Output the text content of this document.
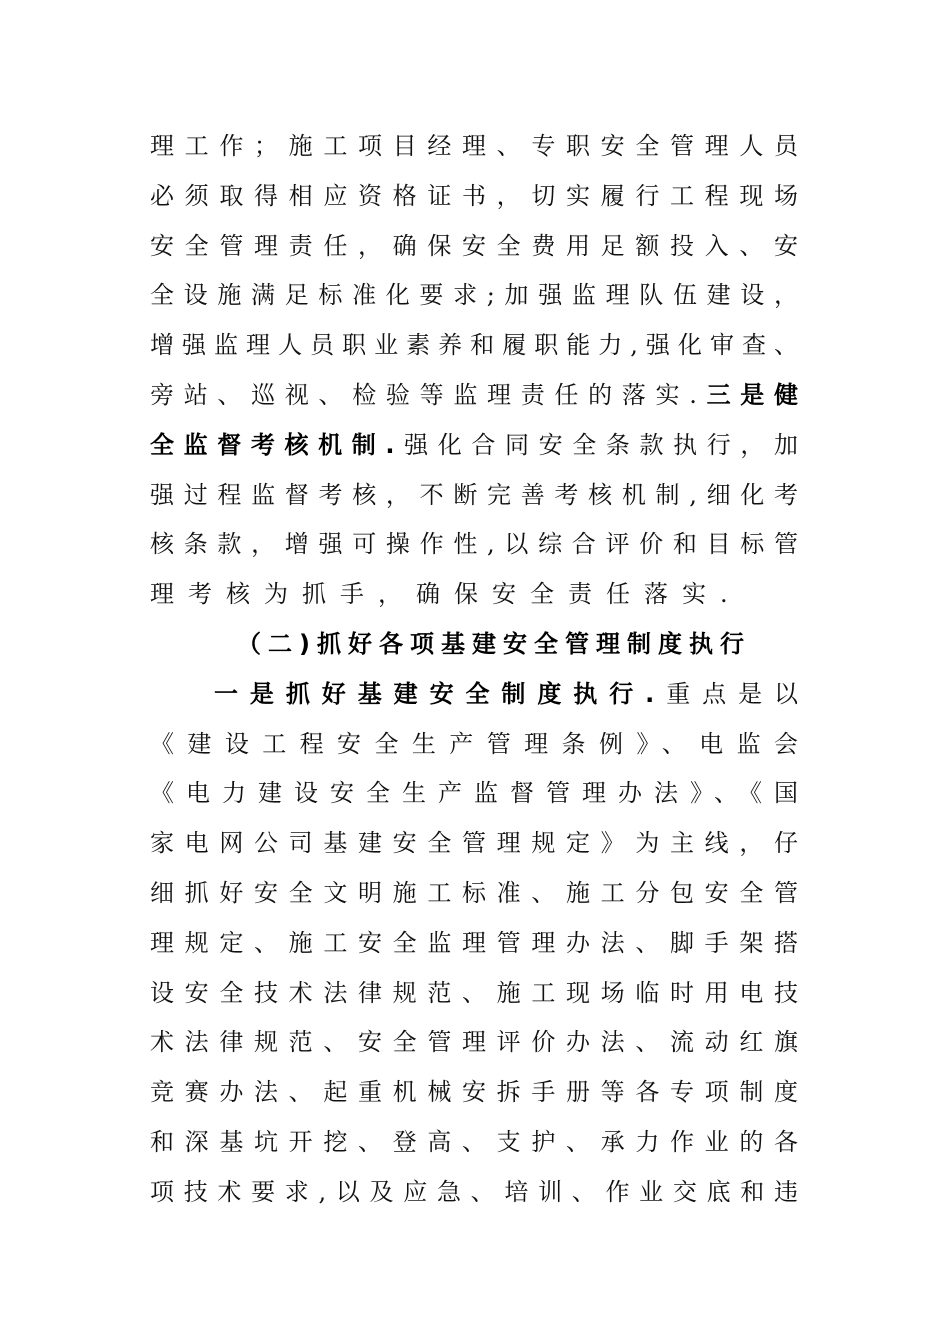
理工作；施工项目经理、专职安全管理人员
必须取得相应资格证书，切实履行工程现场
安全管理责任，确保安全费用足额投入、安
全设施满足标准化要求;加强监理队伍建设，
增强监理人员职业素养和履职能力,强化审查、
旁站、巡视、检验等监理责任的落实.三是健
全监督考核机制.强化合同安全条款执行，加
强过程监督考核，不断完善考核机制,细化考
核条款，增强可操作性,以综合评价和目标管
理考核为抓手，确保安全责任落实.
（二)抓好各项基建安全管理制度执行
一是抓好基建安全制度执行.重点是以
《建设工程安全生产管理条例》、电监会
《电力建设安全生产监督管理办法》、《国
家电网公司基建安全管理规定》为主线，仔
细抓好安全文明施工标准、施工分包安全管
理规定、施工安全监理管理办法、脚手架搭
设安全技术法律规范、施工现场临时用电技
术法律规范、安全管理评价办法、流动红旗
竞赛办法、起重机械安拆手册等各专项制度
和深基坑开挖、登高、支护、承力作业的各
项技术要求,以及应急、培训、作业交底和违
